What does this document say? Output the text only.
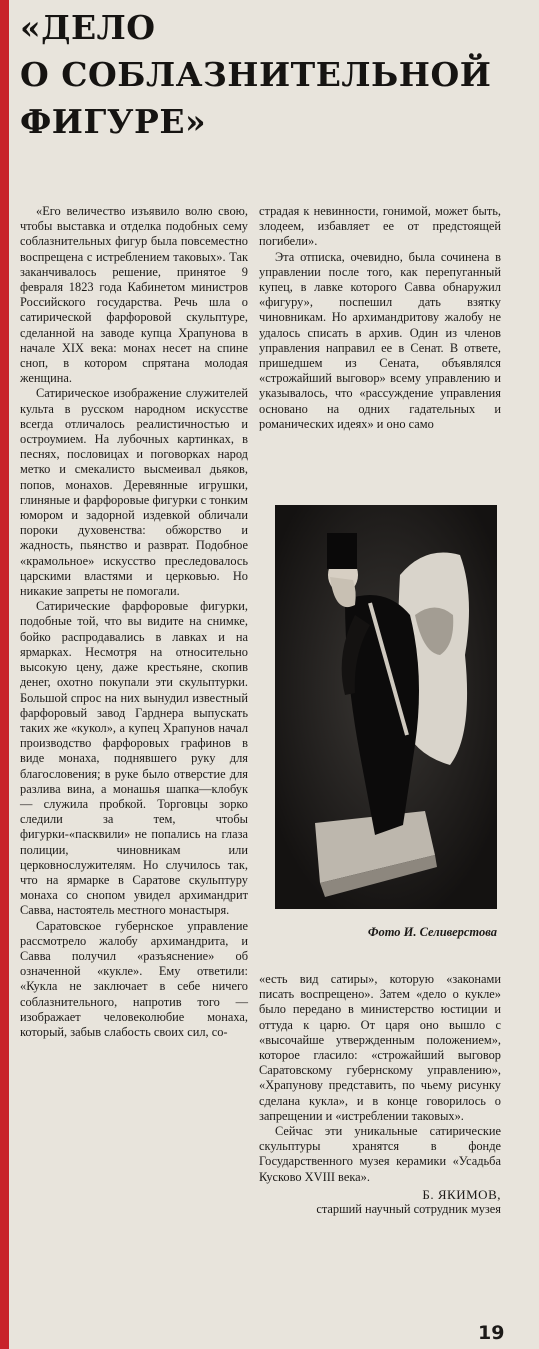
«ДЕЛО
О СОБЛАЗНИТЕЛЬНОЙ
ФИГУРЕ»

«Его величество изъявило волю свою, чтобы выставка и отделка подобных сему соблазнительных фигур была повсеместно воспрещена с истреблением таковых». Так заканчивалось решение, принятое 9 февраля 1823 года Кабинетом министров Российского государства. Речь шла о сатирической фарфоровой скульптуре, сделанной на заводе купца Храпунова в начале XIX века: монах несет на спине сноп, в котором спрятана молодая женщина.

Сатирическое изображение служителей культа в русском народном искусстве всегда отличалось реалистичностью и остроумием. На лубочных картинках, в песнях, пословицах и поговорках народ метко и смекалисто высмеивал дьяков, попов, монахов. Деревянные игрушки, глиняные и фарфоровые фигурки с тонким юмором и задорной издевкой обличали пороки духовенства: обжорство и жадность, пьянство и разврат. Подобное «крамольное» искусство преследовалось царскими властями и церковью. Но никакие запреты не помогали.

Сатирические фарфоровые фигурки, подобные той, что вы видите на снимке, бойко распродавались в лавках и на ярмарках. Несмотря на относительно высокую цену, даже крестьяне, скопив денег, охотно покупали эти скульптурки. Большой спрос на них вынудил известный фарфоровый завод Гарднера выпускать таких же «кукол», а купец Храпунов начал производство фарфоровых графинов в виде монаха, поднявшего руку для благословения; в руке было отверстие для разлива вина, а монашья шапка—клобук — служила пробкой. Торговцы зорко следили за тем, чтобы фигурки-«пасквили» не попались на глаза полиции, чиновникам или церковнослужителям. Но случилось так, что на ярмарке в Саратове скульптуру монаха со снопом увидел архимандрит Савва, настоятель местного монастыря.

Саратовское губернское управление рассмотрело жалобу архимандрита, и Савва получил «разъяснение» об означенной «кукле». Ему ответили: «Кукла не заключает в себе ничего соблазнительного, напротив того — изображает человеколюбие монаха, который, забыв слабость своих сил, со-

страдая к невинности, гонимой, может быть, злодеем, избавляет ее от предстоящей погибели».

Эта отписка, очевидно, была сочинена в управлении после того, как перепуганный купец, в лавке которого Савва обнаружил «фигуру», поспешил дать взятку чиновникам. Но архимандритову жалобу не удалось списать в архив. Один из членов управления направил ее в Сенат. В ответе, пришедшем из Сената, объявлялся «строжайший выговор» всему управлению и указывалось, что «рассуждение управления основано на одних гадательных и романических идеях» и оно само

Фото И. Селиверстова

«есть вид сатиры», которую «законами писать воспрещено». Затем «дело о кукле» было передано в министерство юстиции и оттуда к царю. От царя оно вышло с «высочайше утвержденным положением», которое гласило: «строжайший выговор Саратовскому губернскому управлению», «Храпунову представить, по чьему рисунку сделана кукла», и в конце говорилось о запрещении и «истреблении таковых».

Сейчас эти уникальные сатирические скульптуры хранятся в фонде Государственного музея керамики «Усадьба Кусково XVIII века».

Б. ЯКИМОВ,
старший научный сотрудник музея
19
